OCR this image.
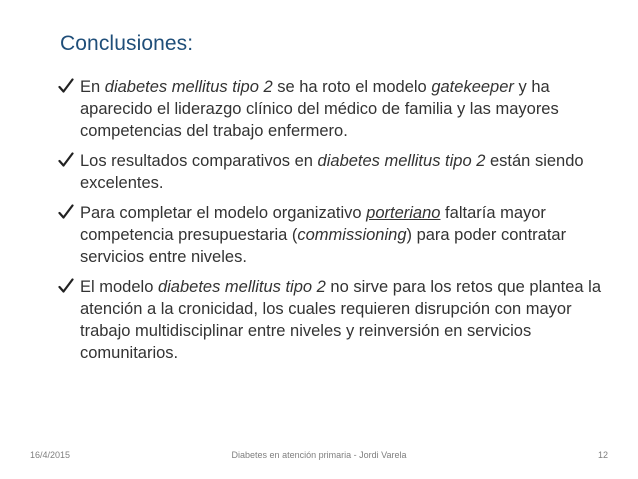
Conclusiones:
En diabetes mellitus tipo 2 se ha roto el modelo gatekeeper y ha aparecido el liderazgo clínico del médico de familia y las mayores competencias del trabajo enfermero.
Los resultados comparativos en diabetes mellitus tipo 2 están siendo excelentes.
Para completar el modelo organizativo porteriano faltaría mayor competencia presupuestaria (commissioning) para poder contratar servicios entre niveles.
El modelo diabetes mellitus tipo 2 no sirve para los retos que plantea la atención a la cronicidad, los cuales requieren disrupción con mayor trabajo multidisciplinar entre niveles y reinversión en servicios comunitarios.
16/4/2015	Diabetes en atención primaria - Jordi Varela	12
